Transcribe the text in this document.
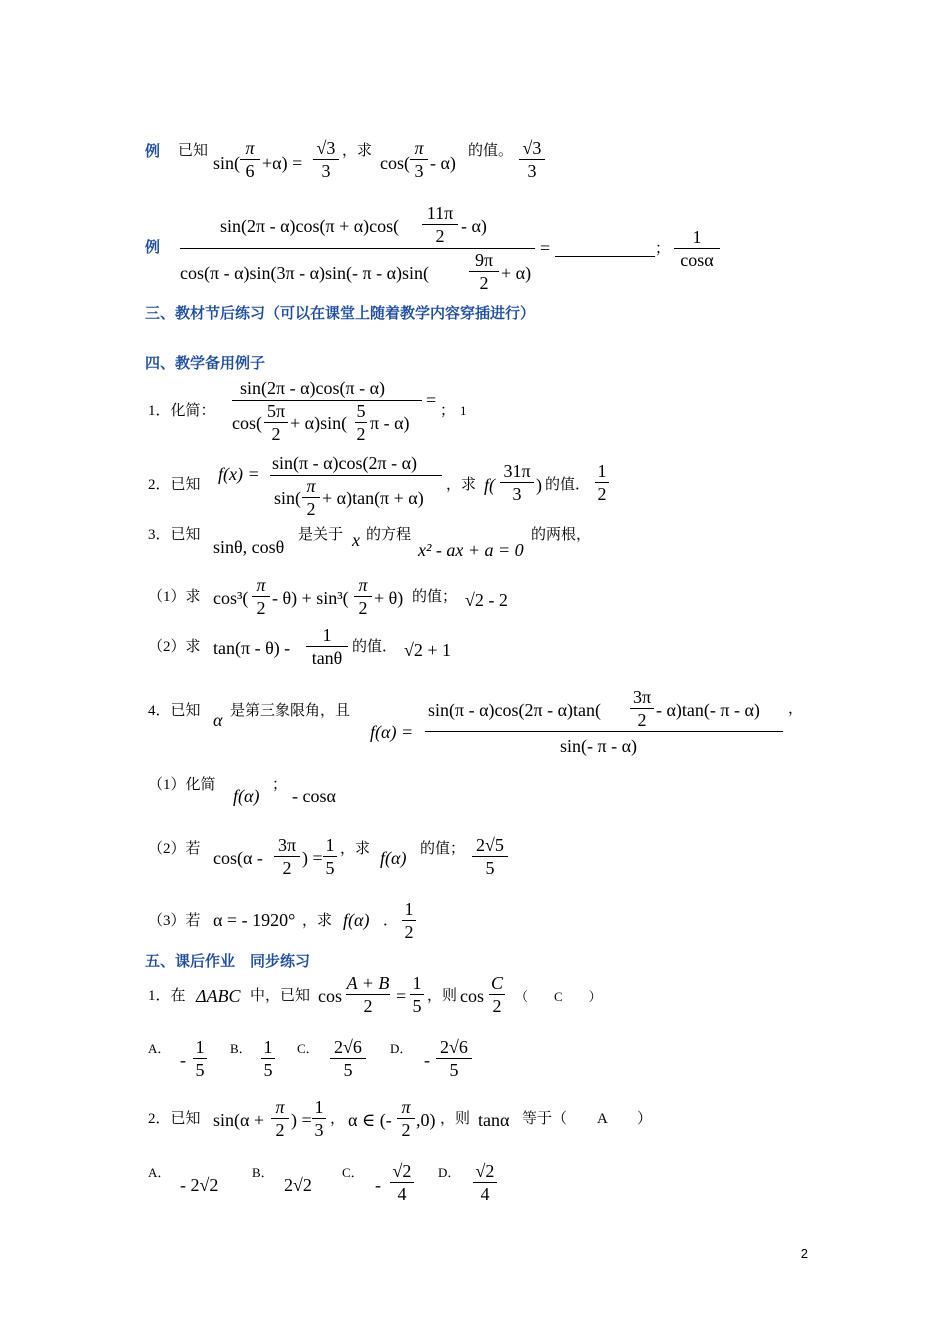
例 已知
sin(
π
6 +α) =
√3
3
，求
cos(
π
3 - α)
的值。 √3
3
例
sin(2π - α)cos(π + α)cos(
11π
2 - α)
cos(π - α)sin(3π - α)sin(- π - α)sin(
9π
2 + α)
=	；
1
cosα
三、教材节后练习（可以在课堂上随着教学内容穿插进行）
四、教学备用例子
1．化简：
sin(2π - α)cos(π - α)
cos(
5π
2
+ α)sin(
5
2
π - α)
=
； 1
2．已知
f(x) =
sin(π - α)cos(2π - α)
sin(
π
2
+ α)tan(π + α)
，求 f(
31π
3 ) 的值．
1
2
3．已知
sinθ, cosθ
是关于 x 的方程
x² - ax + a = 0
的两根，
（1）求 cos³(
π
2 - θ) + sin³(
π
2 + θ) 的值； √2 - 2
（2）求 tan(π - θ) -
1
tanθ
的值． √2 + 1
4．已知 α 是第三象限角，且
f(α) =
sin(π - α)cos(2π - α)tan(
3π
2 - α)tan(- π - α) ，
sin(- π - α)
（1）化简
f(α)
；
- cosα
（2）若 cos(α -
3π
2 ) =
1
5
，求 f(α) 的值； 2√5
5
（3）若 α = - 1920° ，求 f(α) ．
1
2
五、课后作业　同步练习
1．在 ΔABC 中，已知 cos
A + B
2	=
1
5 ，则 cos
C
2 （　　C　　）
A．
-
1
5
B． 1
5
C． 2√6
5
D．
-
2√6
5
2．已知 sin(α +
π
2 ) =
1
3
， α ∈ (-
π
2 ,0) ，则 tanα 等于（　　A　　）
A．
- 2√2
B．
2√2
C．
-
√2
4
D． √2
4
2
